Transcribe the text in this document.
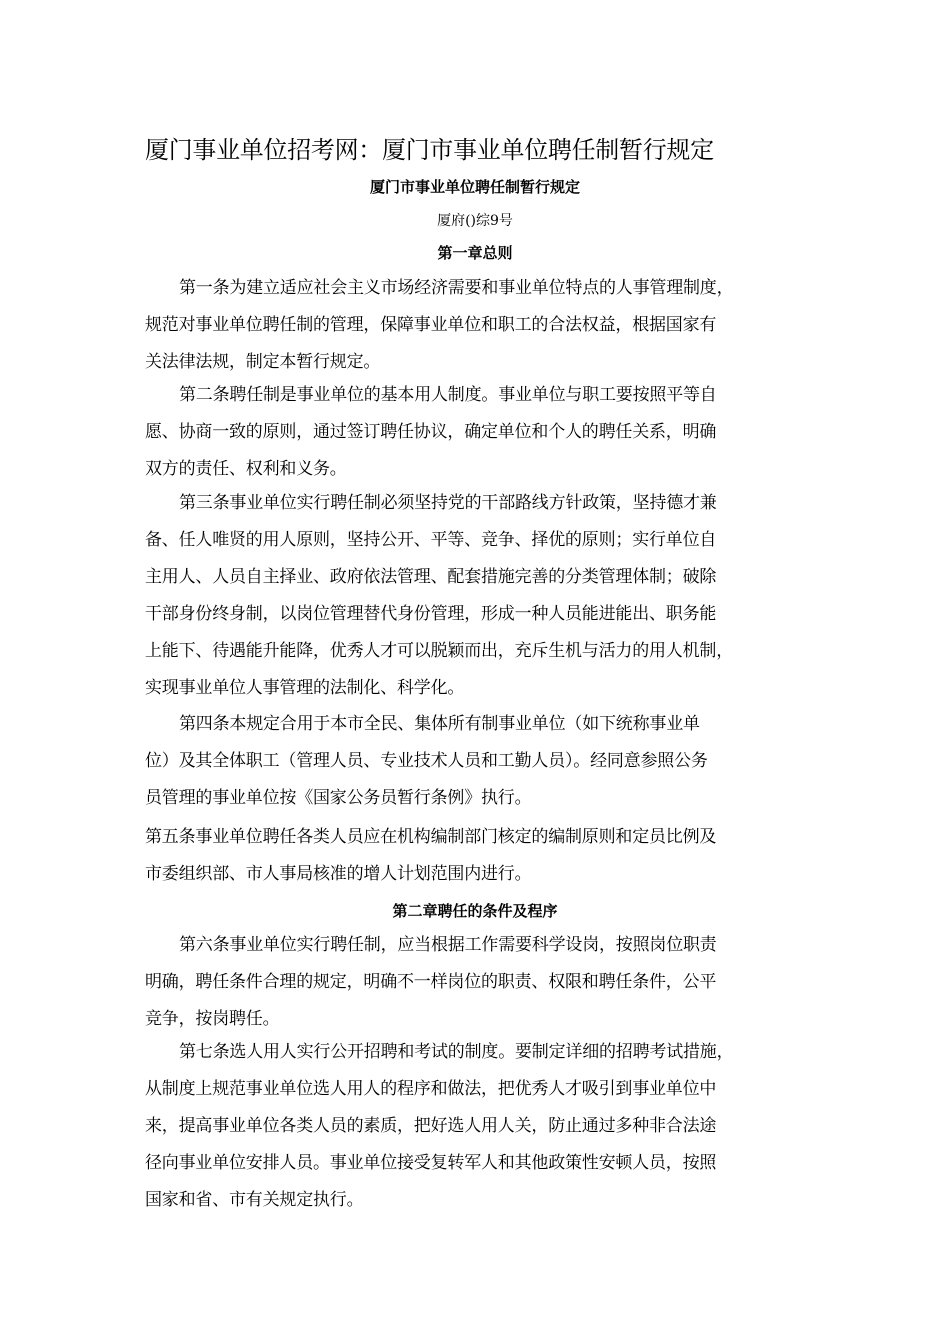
厦门事业单位招考网：厦门市事业单位聘任制暂行规定
厦门市事业单位聘任制暂行规定
厦府()综9号
第一章总则
第一条为建立适应社会主义市场经济需要和事业单位特点的人事管理制度，
规范对事业单位聘任制的管理，保障事业单位和职工的合法权益，根据国家有
关法律法规，制定本暂行规定。
第二条聘任制是事业单位的基本用人制度。事业单位与职工要按照平等自
愿、协商一致的原则，通过签订聘任协议，确定单位和个人的聘任关系，明确
双方的责任、权利和义务。
第三条事业单位实行聘任制必须坚持党的干部路线方针政策，坚持德才兼
备、任人唯贤的用人原则，坚持公开、平等、竞争、择优的原则；实行单位自
主用人、人员自主择业、政府依法管理、配套措施完善的分类管理体制；破除
干部身份终身制，以岗位管理替代身份管理，形成一种人员能进能出、职务能
上能下、待遇能升能降，优秀人才可以脱颖而出，充斥生机与活力的用人机制，
实现事业单位人事管理的法制化、科学化。
第四条本规定合用于本市全民、集体所有制事业单位（如下统称事业单
位）及其全体职工（管理人员、专业技术人员和工勤人员）。经同意参照公务
员管理的事业单位按《国家公务员暂行条例》执行。
第五条事业单位聘任各类人员应在机构编制部门核定的编制原则和定员比例及
市委组织部、市人事局核准的增人计划范围内进行。
第二章聘任的条件及程序
第六条事业单位实行聘任制，应当根据工作需要科学设岗，按照岗位职责
明确，聘任条件合理的规定，明确不一样岗位的职责、权限和聘任条件，公平
竞争，按岗聘任。
第七条选人用人实行公开招聘和考试的制度。要制定详细的招聘考试措施，
从制度上规范事业单位选人用人的程序和做法，把优秀人才吸引到事业单位中
来，提高事业单位各类人员的素质，把好选人用人关，防止通过多种非合法途
径向事业单位安排人员。事业单位接受复转军人和其他政策性安顿人员，按照
国家和省、市有关规定执行。
